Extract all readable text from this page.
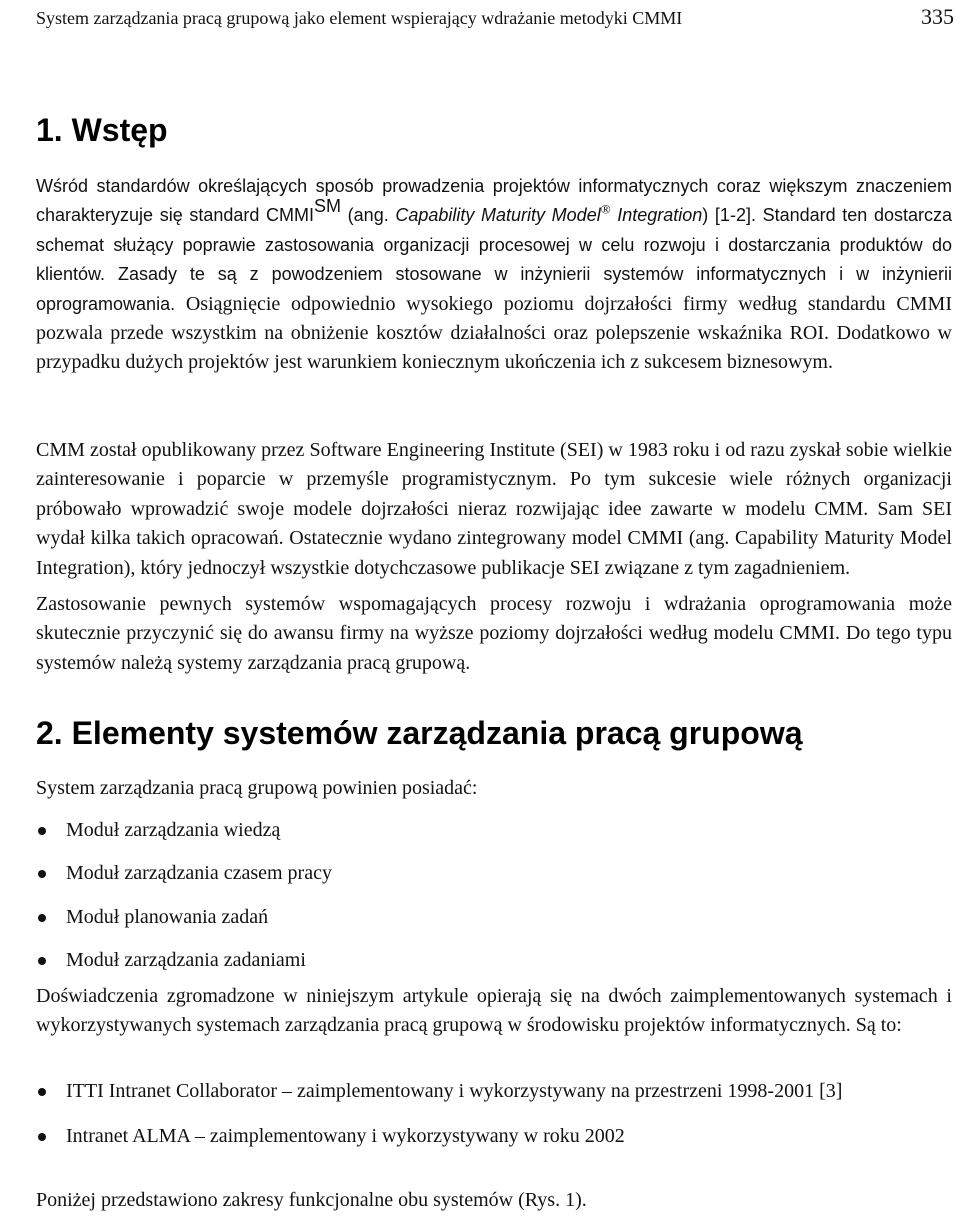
System zarządzania pracą grupową jako element wspierający wdrażanie metodyki CMMI	335
1. Wstęp

Wśród standardów określających sposób prowadzenia projektów informatycznych coraz większym znaczeniem charakteryzuje się standard CMMI℠ (ang. Capability Maturity Model® Integration) [1-2]. Standard ten dostarcza schemat służący poprawie zastosowania organizacji procesowej w celu rozwoju i dostarczania produktów do klientów. Zasady te są z powodzeniem stosowane w inżynierii systemów informatycznych i w inżynierii oprogramowania. Osiągnięcie odpowiednio wysokiego poziomu dojrzałości firmy według standardu CMMI pozwala przede wszystkim na obniżenie kosztów działalności oraz polepszenie wskaźnika ROI. Dodatkowo w przypadku dużych projektów jest warunkiem koniecznym ukończenia ich z sukcesem biznesowym.

CMM został opublikowany przez Software Engineering Institute (SEI) w 1983 roku i od razu zyskał sobie wielkie zainteresowanie i poparcie w przemyśle programistycznym. Po tym sukcesie wiele różnych organizacji próbowało wprowadzić swoje modele dojrzałości nieraz rozwijając idee zawarte w modelu CMM. Sam SEI wydał kilka takich opracowań. Ostatecznie wydano zintegrowany model CMMI (ang. Capability Maturity Model Integration), który jednoczył wszystkie dotychczasowe publikacje SEI związane z tym zagadnieniem.

Zastosowanie pewnych systemów wspomagających procesy rozwoju i wdrażania oprogramowania może skutecznie przyczynić się do awansu firmy na wyższe poziomy dojrzałości według modelu CMMI. Do tego typu systemów należą systemy zarządzania pracą grupową.

2. Elementy systemów zarządzania pracą grupową

System zarządzania pracą grupową powinien posiadać:

Moduł zarządzania wiedzą
Moduł zarządzania czasem pracy
Moduł planowania zadań
Moduł zarządzania zadaniami

Doświadczenia zgromadzone w niniejszym artykule opierają się na dwóch zaimplementowanych systemach i wykorzystywanych systemach zarządzania pracą grupową w środowisku projektów informatycznych. Są to:

ITTI Intranet Collaborator – zaimplementowany i wykorzystywany na przestrzeni 1998-2001 [3]
Intranet ALMA – zaimplementowany i wykorzystywany w roku 2002

Poniżej przedstawiono zakresy funkcjonalne obu systemów (Rys. 1).
